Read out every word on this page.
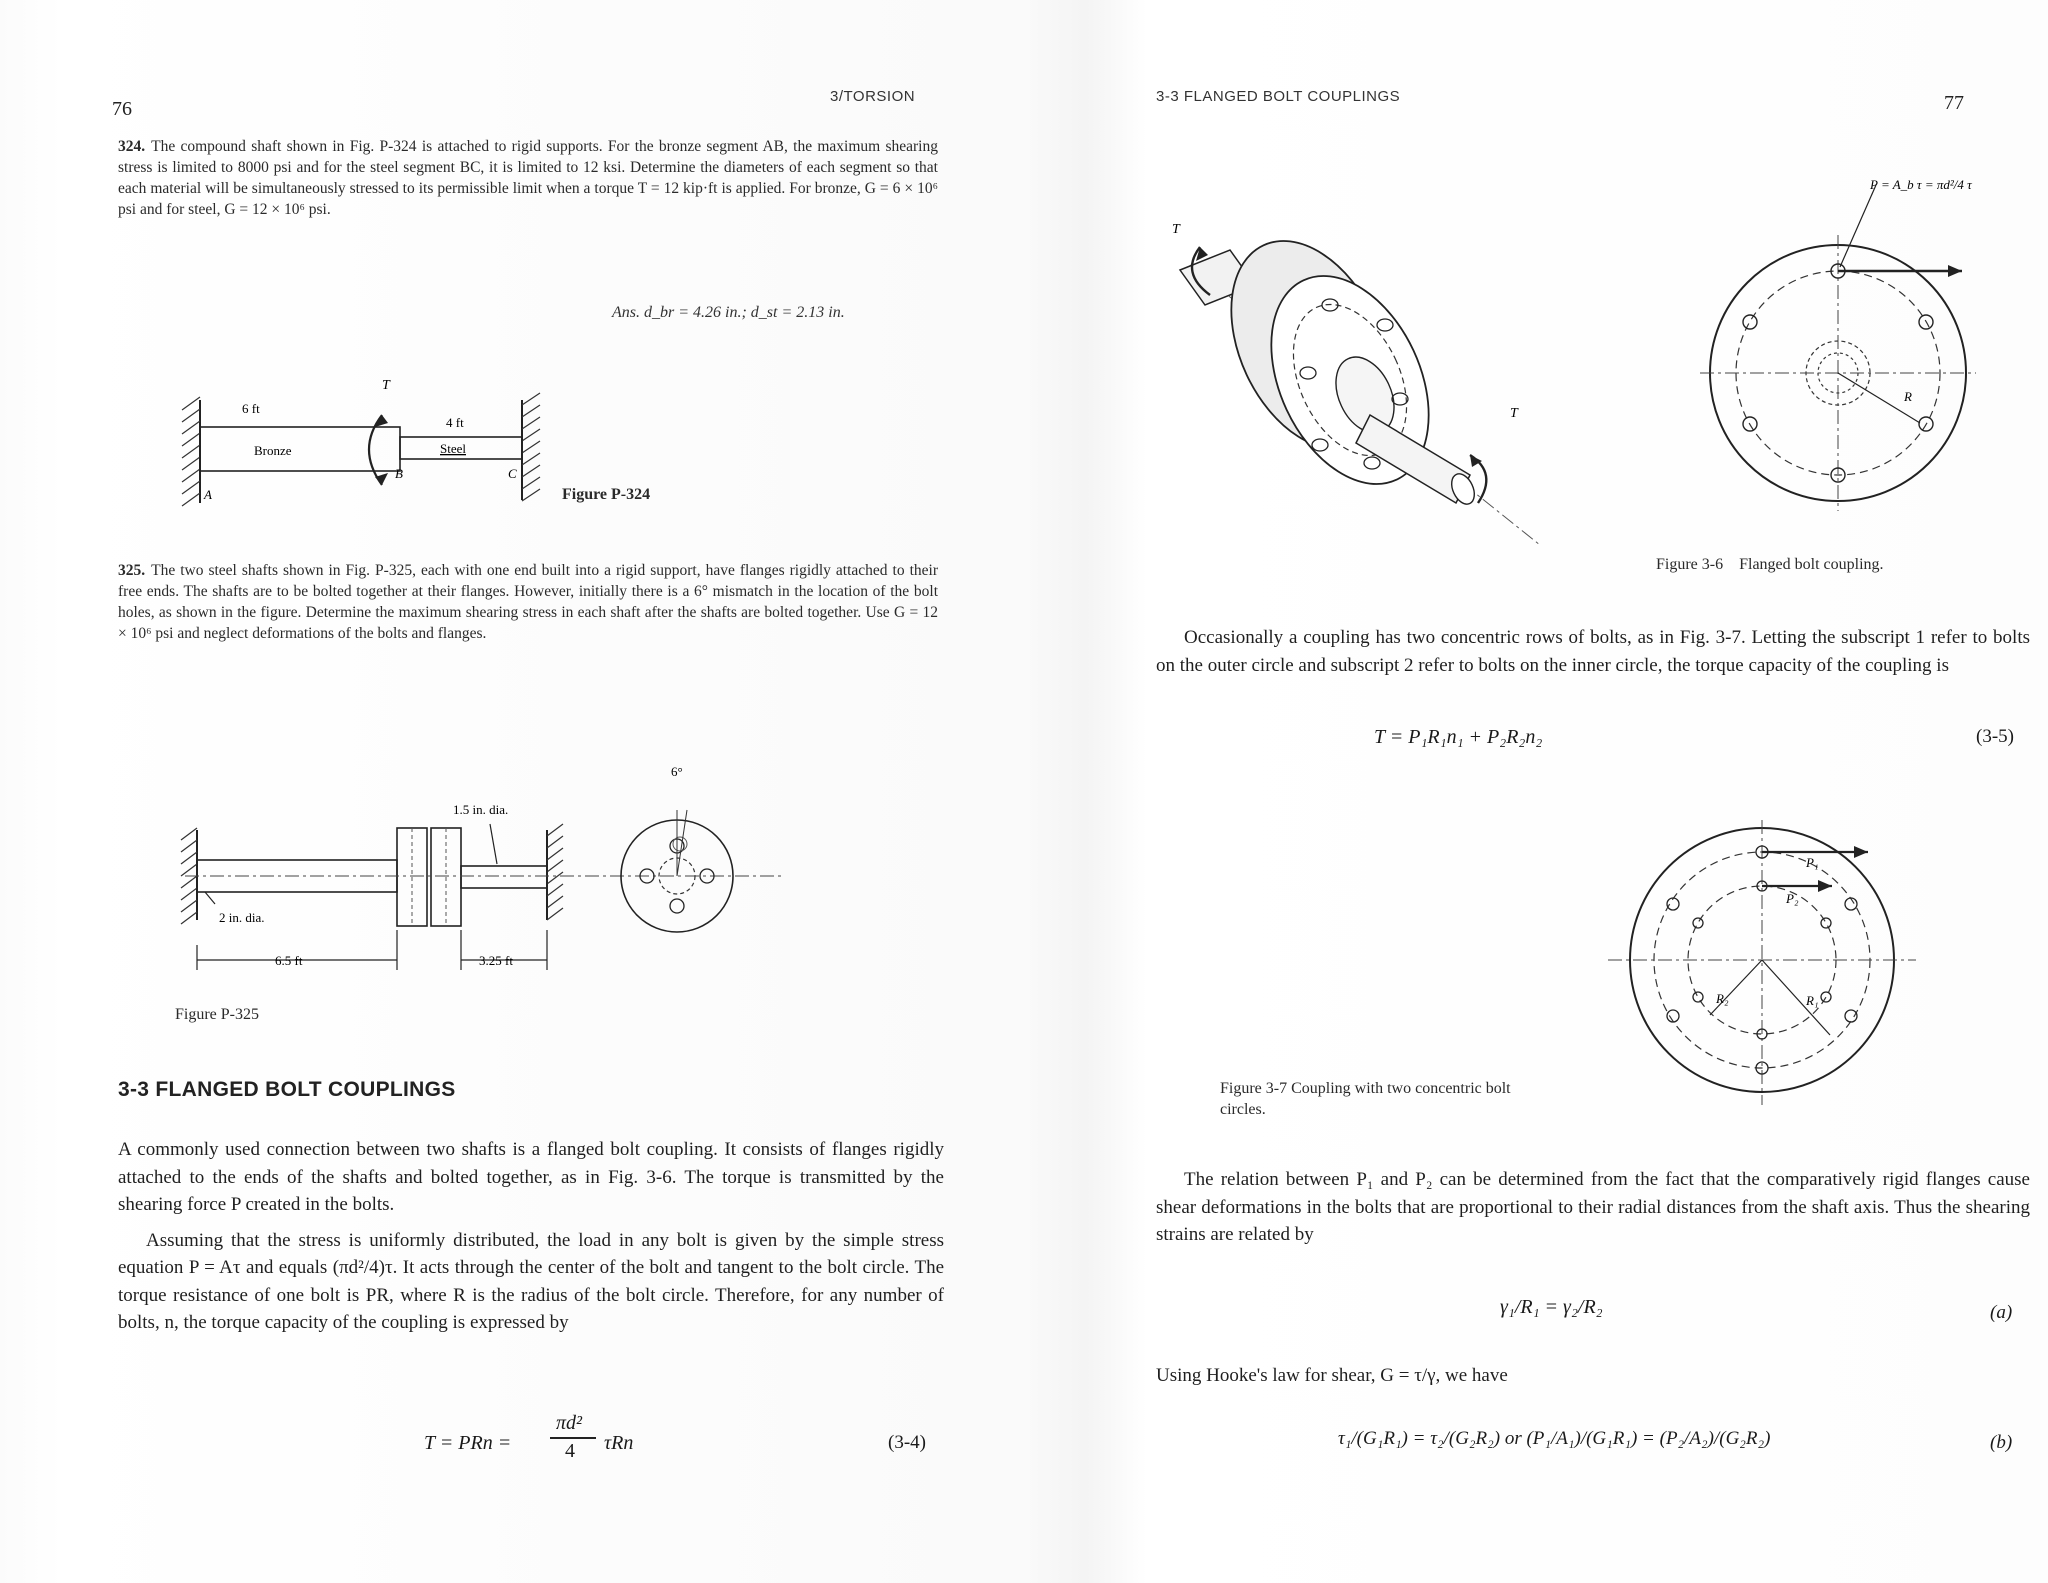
76
3/TORSION
324. The compound shaft shown in Fig. P-324 is attached to rigid supports. For the bronze segment AB, the maximum shearing stress is limited to 8000 psi and for the steel segment BC, it is limited to 12 ksi. Determine the diameters of each segment so that each material will be simultaneously stressed to its permissible limit when a torque T = 12 kip·ft is applied. For bronze, G = 6 × 10⁶ psi and for steel, G = 12 × 10⁶ psi.
Ans. d_br = 4.26 in.; d_st = 2.13 in.
6 ft
4 ft
Bronze	Steel
T
A
B	C
Figure P-324
325. The two steel shafts shown in Fig. P-325, each with one end built into a rigid support, have flanges rigidly attached to their free ends. The shafts are to be bolted together at their flanges. However, initially there is a 6° mismatch in the location of the bolt holes, as shown in the figure. Determine the maximum shearing stress in each shaft after the shafts are bolted together. Use G = 12 × 10⁶ psi and neglect deformations of the bolts and flanges.
1.5 in. dia.
2 in. dia.
6.5 ft	3.25 ft
6°
Figure P-325
3-3 FLANGED BOLT COUPLINGS

A commonly used connection between two shafts is a flanged bolt coupling. It consists of flanges rigidly attached to the ends of the shafts and bolted together, as in Fig. 3-6. The torque is transmitted by the shearing force P created in the bolts.

Assuming that the stress is uniformly distributed, the load in any bolt is given by the simple stress equation P = Aτ and equals (πd²/4)τ. It acts through the center of the bolt and tangent to the bolt circle. The torque resistance of one bolt is PR, where R is the radius of the bolt circle. Therefore, for any number of bolts, n, the torque capacity of the coupling is expressed by

T = PRn =
πd²
4 τRn	(3-4)
3-3 FLANGED BOLT COUPLINGS	77
T
T
P = A_b τ = πd²/4 τ
R
Figure 3-6 Flanged bolt coupling.

Occasionally a coupling has two concentric rows of bolts, as in Fig. 3-7. Letting the subscript 1 refer to bolts on the outer circle and subscript 2 refer to bolts on the inner circle, the torque capacity of the coupling is

T = P₁R₁n₁ + P₂R₂n₂	(3-5)
P₁
P₂
R₁
R₂
Figure 3-7 Coupling with two concentric bolt circles.

The relation between P₁ and P₂ can be determined from the fact that the comparatively rigid flanges cause shear deformations in the bolts that are proportional to their radial distances from the shaft axis. Thus the shearing strains are related by

γ₁/R₁ = γ₂/R₂	(a)

Using Hooke's law for shear, G = τ/γ, we have

τ₁/(G₁R₁) = τ₂/(G₂R₂) or (P₁/A₁)/(G₁R₁) = (P₂/A₂)/(G₂R₂)	(b)
